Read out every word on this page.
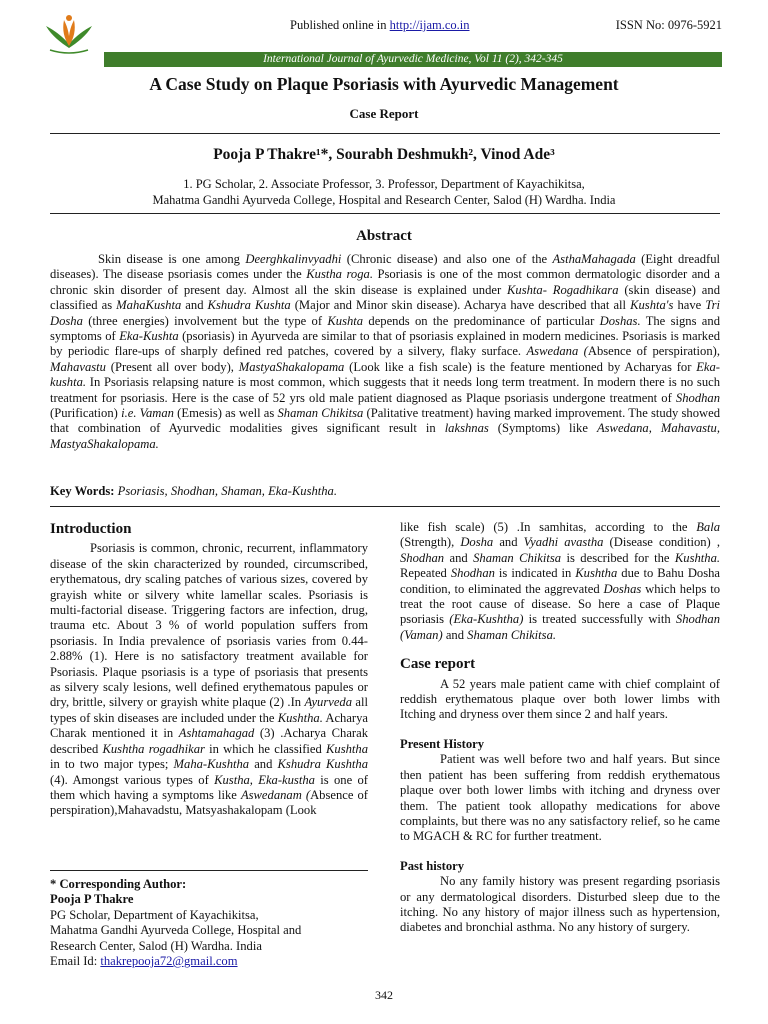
Published online in http://ijam.co.in	ISSN No: 0976-5921
International Journal of Ayurvedic Medicine, Vol 11 (2), 342-345
A Case Study on Plaque Psoriasis with Ayurvedic Management
Case Report
Pooja P Thakre¹*, Sourabh Deshmukh², Vinod Ade³
1. PG Scholar, 2. Associate Professor, 3. Professor, Department of Kayachikitsa,
Mahatma Gandhi Ayurveda College, Hospital and Research Center, Salod (H) Wardha. India
Abstract
Skin disease is one among Deerghkalinvyadhi (Chronic disease) and also one of the AsthaMahagada (Eight dreadful diseases). The disease psoriasis comes under the Kustha roga. Psoriasis is one of the most common dermatologic disorder and a chronic skin disorder of present day. Almost all the skin disease is explained under Kushta- Rogadhikara (skin disease) and classified as MahaKushta and Kshudra Kushta (Major and Minor skin disease). Acharya have described that all Kushta's have Tri Dosha (three energies) involvement but the type of Kushta depends on the predominance of particular Doshas. The signs and symptoms of Eka-Kushta (psoriasis) in Ayurveda are similar to that of psoriasis explained in modern medicines. Psoriasis is marked by periodic flare-ups of sharply defined red patches, covered by a silvery, flaky surface. Aswedana (Absence of perspiration), Mahavastu (Present all over body), MastyaShakalopama (Look like a fish scale) is the feature mentioned by Acharyas for Eka-kushta. In Psoriasis relapsing nature is most common, which suggests that it needs long term treatment. In modern there is no such treatment for psoriasis. Here is the case of 52 yrs old male patient diagnosed as Plaque psoriasis undergone treatment of Shodhan (Purification) i.e. Vaman (Emesis) as well as Shaman Chikitsa (Palitative treatment) having marked improvement. The study showed that combination of Ayurvedic modalities gives significant result in lakshnas (Symptoms) like Aswedana, Mahavastu, MastyaShakalopama.
Key Words: Psoriasis, Shodhan, Shaman, Eka-Kushtha.
Introduction

Psoriasis is common, chronic, recurrent, inflammatory disease of the skin characterized by rounded, circumscribed, erythematous, dry scaling patches of various sizes, covered by grayish white or silvery white lamellar scales. Psoriasis is multi-factorial disease. Triggering factors are infection, drug, trauma etc. About 3 % of world population suffers from psoriasis. In India prevalence of psoriasis varies from 0.44- 2.88% (1). Here is no satisfactory treatment available for Psoriasis. Plaque psoriasis is a type of psoriasis that presents as silvery scaly lesions, well defined erythematous papules or dry, brittle, silvery or grayish white plaque (2) .In Ayurveda all types of skin diseases are included under the Kushtha. Acharya Charak mentioned it in Ashtamahagad (3) .Acharya Charak described Kushtha rogadhikar in which he classified Kushtha in to two major types; Maha-Kushtha and Kshudra Kushtha (4). Amongst various types of Kustha, Eka-kustha is one of them which having a symptoms like Aswedanam (Absence of perspiration),Mahavadstu, Matsyashakalopam (Look

* Corresponding Author:
Pooja P Thakre
PG Scholar, Department of Kayachikitsa,
Mahatma Gandhi Ayurveda College, Hospital and
Research Center, Salod (H) Wardha. India
Email Id: thakrepooja72@gmail.com

like fish scale) (5) .In samhitas, according to the Bala (Strength), Dosha and Vyadhi avastha (Disease condition) , Shodhan and Shaman Chikitsa is described for the Kushtha. Repeated Shodhan is indicated in Kushtha due to Bahu Dosha condition, to eliminated the aggrevated Doshas which helps to treat the root cause of disease. So here a case of Plaque psoriasis (Eka-Kushtha) is treated successfully with Shodhan (Vaman) and Shaman Chikitsa.

Case report

A 52 years male patient came with chief complaint of reddish erythematous plaque over both lower limbs with Itching and dryness over them since 2 and half years.

Present History

Patient was well before two and half years. But since then patient has been suffering from reddish erythematous plaque over both lower limbs with itching and dryness over them. The patient took allopathy medications for above complaints, but there was no any satisfactory relief, so he came to MGACH & RC for further treatment.

Past history

No any family history was present regarding psoriasis or any dermatological disorders. Disturbed sleep due to the itching. No any history of major illness such as hypertension, diabetes and bronchial asthma. No any history of surgery.

342
